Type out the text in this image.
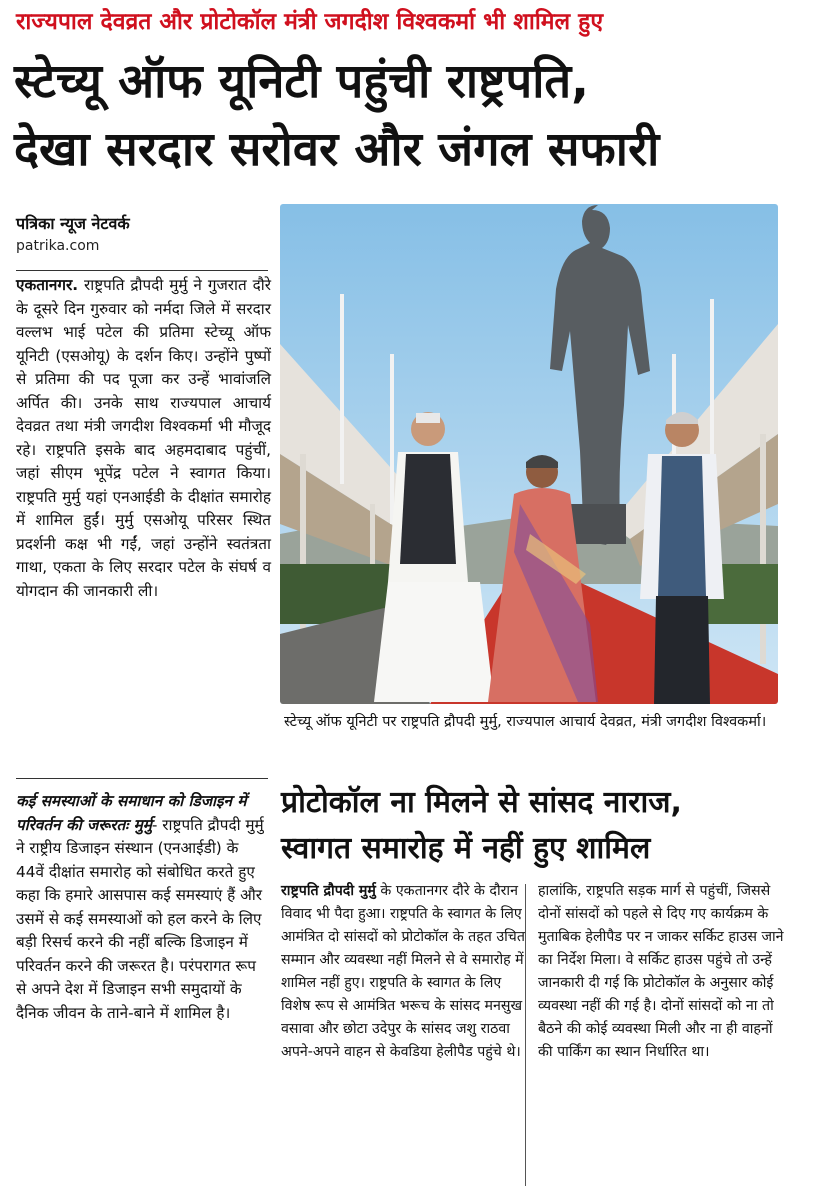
राज्यपाल देवव्रत और प्रोटोकॉल मंत्री जगदीश विश्वकर्मा भी शामिल हुए
स्टेच्यू ऑफ यूनिटी पहुंची राष्ट्रपति,
देखा सरदार सरोवर और जंगल सफारी
पत्रिका न्यूज नेटवर्क
patrika.com
एकतानगर. राष्ट्रपति द्रौपदी मुर्मु ने गुजरात दौरे के दूसरे दिन गुरुवार को नर्मदा जिले में सरदार वल्लभ भाई पटेल की प्रतिमा स्टेच्यू ऑफ यूनिटी (एसओयू) के दर्शन किए। उन्होंने पुष्पों से प्रतिमा की पद पूजा कर उन्हें भावांजलि अर्पित की। उनके साथ राज्यपाल आचार्य देवव्रत तथा मंत्री जगदीश विश्वकर्मा भी मौजूद रहे। राष्ट्रपति इसके बाद अहमदाबाद पहुंचीं, जहां सीएम भूपेंद्र पटेल ने स्वागत किया। राष्ट्रपति मुर्मु यहां एनआईडी के दीक्षांत समारोह में शामिल हुईं। मुर्मु एसओयू परिसर स्थित प्रदर्शनी कक्ष भी गईं, जहां उन्होंने स्वतंत्रता गाथा, एकता के लिए सरदार पटेल के संघर्ष व योगदान की जानकारी ली।
कई समस्याओं के समाधान को डिजाइन में परिवर्तन की जरूरतः मुर्मु- राष्ट्रपति द्रौपदी मुर्मु ने राष्ट्रीय डिजाइन संस्थान (एनआईडी) के 44वें दीक्षांत समारोह को संबोधित करते हुए कहा कि हमारे आसपास कई समस्याएं हैं और उसमें से कई समस्याओं को हल करने के लिए बड़ी रिसर्च करने की नहीं बल्कि डिजाइन में परिवर्तन करने की जरूरत है। परंपरागत रूप से अपने देश में डिजाइन सभी समुदायों के दैनिक जीवन के ताने-बाने में शामिल है।
स्टेच्यू ऑफ यूनिटी पर राष्ट्रपति द्रौपदी मुर्मु, राज्यपाल आचार्य देवव्रत, मंत्री जगदीश विश्वकर्मा।
प्रोटोकॉल ना मिलने से सांसद नाराज,
स्वागत समारोह में नहीं हुए शामिल
राष्ट्रपति द्रौपदी मुर्मु के एकतानगर दौरे के दौरान विवाद भी पैदा हुआ। राष्ट्रपति के स्वागत के लिए आमंत्रित दो सांसदों को प्रोटोकॉल के तहत उचित सम्मान और व्यवस्था नहीं मिलने से वे समारोह में शामिल नहीं हुए। राष्ट्रपति के स्वागत के लिए विशेष रूप से आमंत्रित भरूच के सांसद मनसुख वसावा और छोटा उदेपुर के सांसद जशु राठवा अपने-अपने वाहन से केवडिया हेलीपैड पहुंचे थे।
हालांकि, राष्ट्रपति सड़क मार्ग से पहुंचीं, जिससे दोनों सांसदों को पहले से दिए गए कार्यक्रम के मुताबिक हेलीपैड पर न जाकर सर्किट हाउस जाने का निर्देश मिला। वे सर्किट हाउस पहुंचे तो उन्हें जानकारी दी गई कि प्रोटोकॉल के अनुसार कोई व्यवस्था नहीं की गई है। दोनों सांसदों को ना तो बैठने की कोई व्यवस्था मिली और ना ही वाहनों की पार्किंग का स्थान निर्धारित था।
